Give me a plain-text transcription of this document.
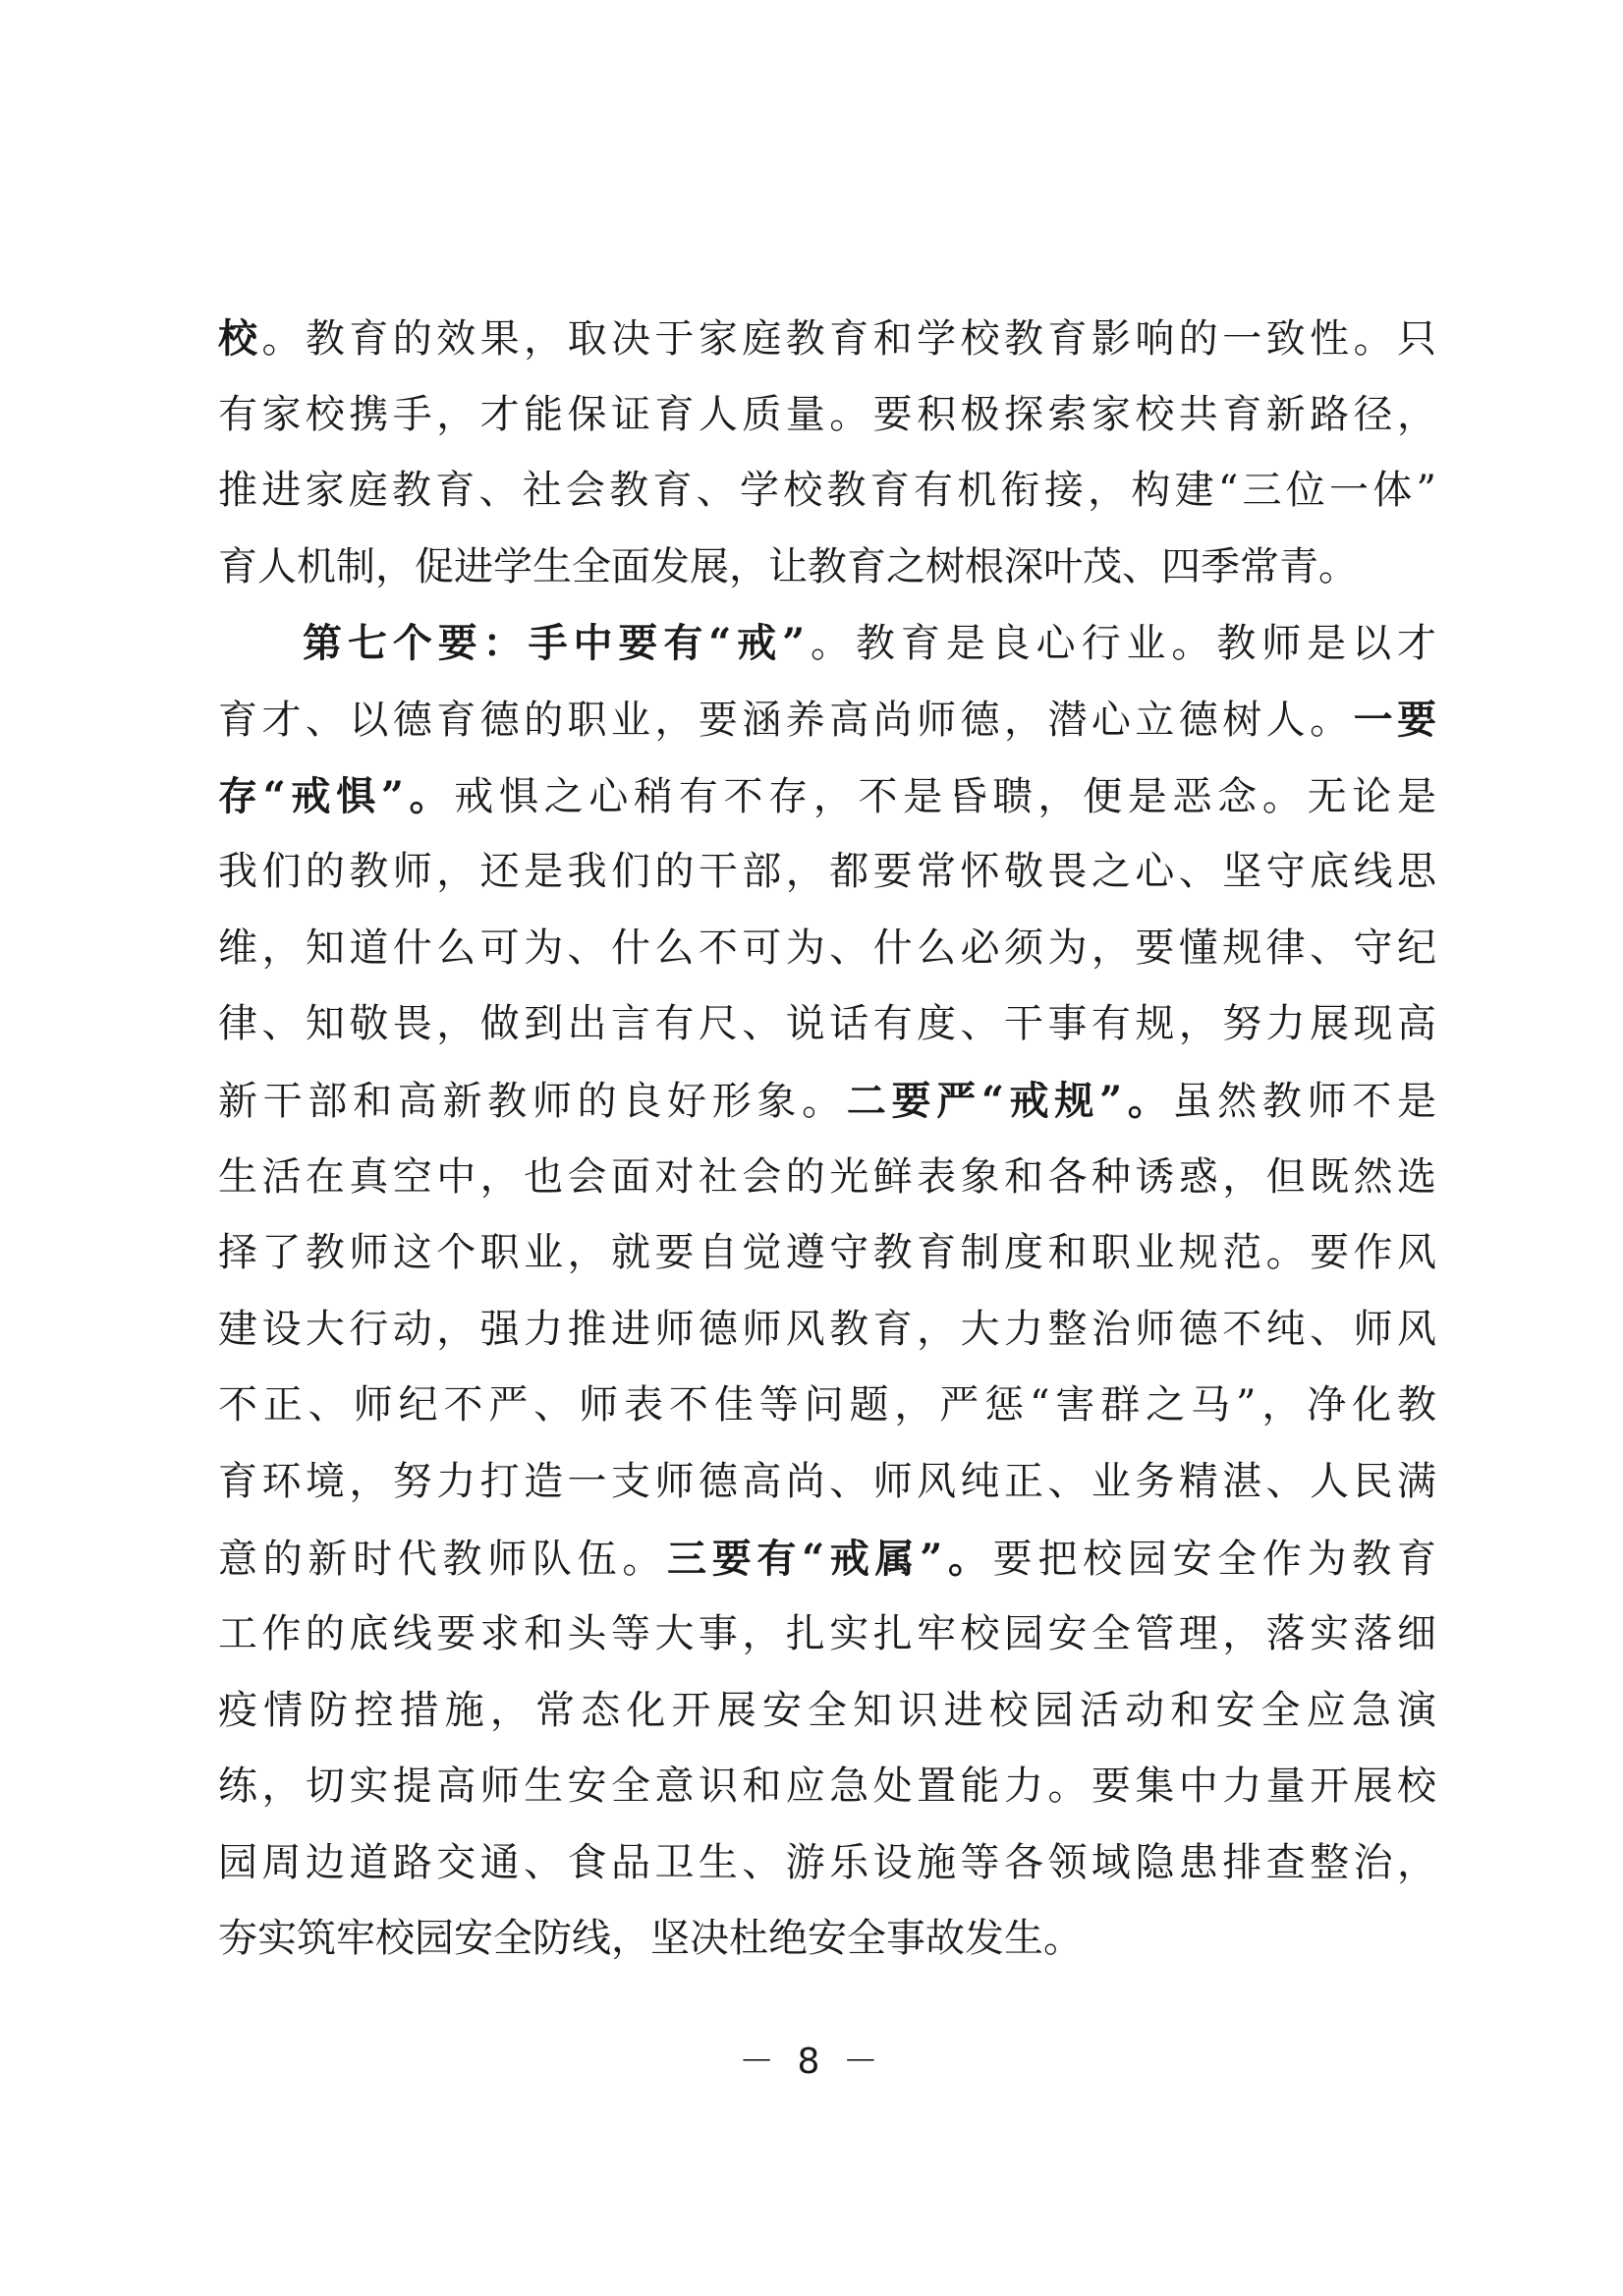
校。教育的效果，取决于家庭教育和学校教育影响的一致性。只
有家校携手，才能保证育人质量。要积极探索家校共育新路径，
推进家庭教育、社会教育、学校教育有机衔接，构建“三位一体”
育人机制，促进学生全面发展，让教育之树根深叶茂、四季常青。
第七个要：手中要有“戒”。教育是良心行业。教师是以才
育才、以德育德的职业，要涵养高尚师德，潜心立德树人。一要
存“戒惧”。戒惧之心稍有不存，不是昏聩，便是恶念。无论是
我们的教师，还是我们的干部，都要常怀敬畏之心、坚守底线思
维，知道什么可为、什么不可为、什么必须为，要懂规律、守纪
律、知敬畏，做到出言有尺、说话有度、干事有规，努力展现高
新干部和高新教师的良好形象。二要严“戒规”。虽然教师不是
生活在真空中，也会面对社会的光鲜表象和各种诱惑，但既然选
择了教师这个职业，就要自觉遵守教育制度和职业规范。要作风
建设大行动，强力推进师德师风教育，大力整治师德不纯、师风
不正、师纪不严、师表不佳等问题，严惩“害群之马”，净化教
育环境，努力打造一支师德高尚、师风纯正、业务精湛、人民满
意的新时代教师队伍。三要有“戒属”。要把校园安全作为教育
工作的底线要求和头等大事，扎实扎牢校园安全管理，落实落细
疫情防控措施，常态化开展安全知识进校园活动和安全应急演
练，切实提高师生安全意识和应急处置能力。要集中力量开展校
园周边道路交通、食品卫生、游乐设施等各领域隐患排查整治，
夯实筑牢校园安全防线，坚决杜绝安全事故发生。
－ 8 －
